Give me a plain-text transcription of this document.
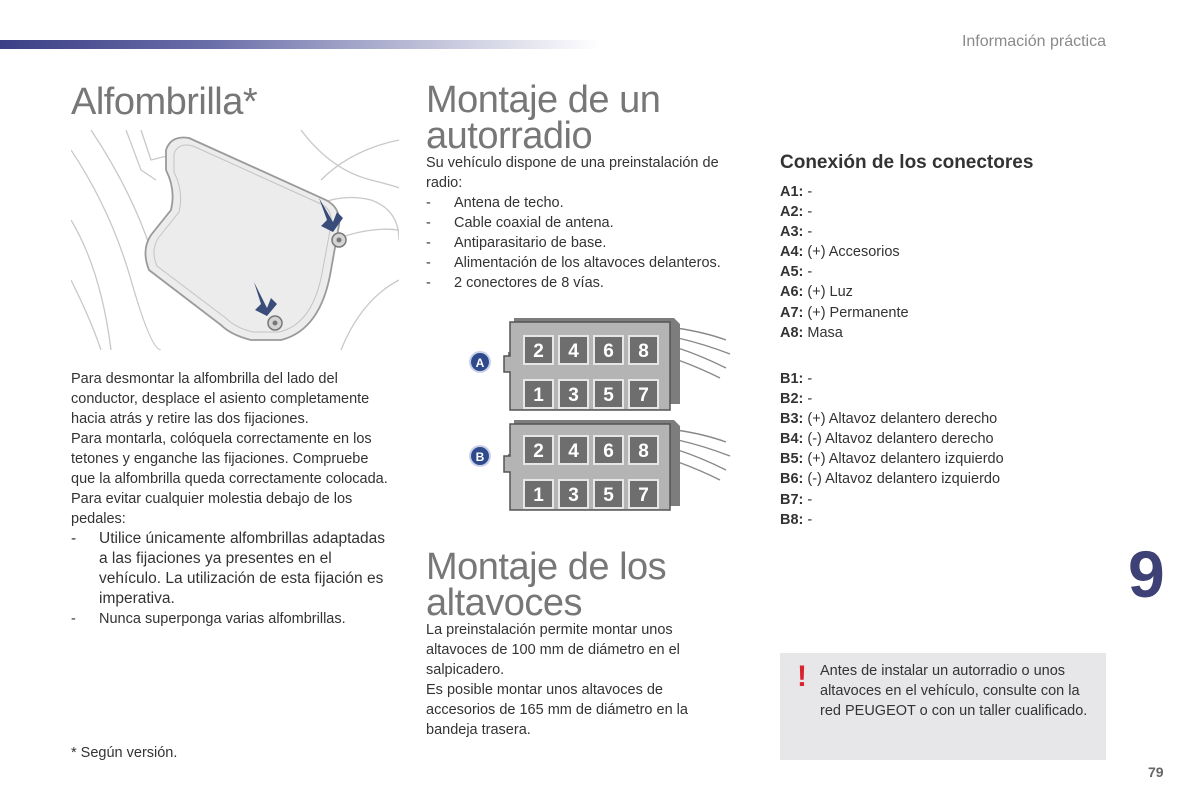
Información práctica
Alfombrilla*
Para desmontar la alfombrilla del lado del conductor, desplace el asiento completamente hacia atrás y retire las dos fijaciones.
Para montarla, colóquela correctamente en los tetones y enganche las fijaciones. Compruebe que la alfombrilla queda correctamente colocada.
Para evitar cualquier molestia debajo de los pedales:
-	Utilice únicamente alfombrillas adaptadas a las fijaciones ya presentes en el vehículo. La utilización de esta fijación es imperativa.
-	Nunca superponga varias alfombrillas.
* Según versión.
Montaje de un
autorradio
Su vehículo dispone de una preinstalación de radio:
-	Antena de techo.
-	Cable coaxial de antena.
-	Antiparasitario de base.
-	Alimentación de los altavoces delanteros.
-	2 conectores de 8 vías.
2 4 6 8
1 3 5 7
2 4 6 8
1 3 5 7
A
B
Montaje de los
altavoces
La preinstalación permite montar unos altavoces de 100 mm de diámetro en el salpicadero.
Es posible montar unos altavoces de accesorios de 165 mm de diámetro en la bandeja trasera.
Conexión de los conectores
A1: -
A2: -
A3: -
A4: (+) Accesorios
A5: -
A6: (+) Luz
A7: (+) Permanente
A8: Masa
B1: -
B2: -
B3: (+) Altavoz delantero derecho
B4: (-) Altavoz delantero derecho
B5: (+) Altavoz delantero izquierdo
B6: (-) Altavoz delantero izquierdo
B7: -
B8: -
9
! Antes de instalar un autorradio o unos altavoces en el vehículo, consulte con la red PEUGEOT o con un taller cualificado.
79
